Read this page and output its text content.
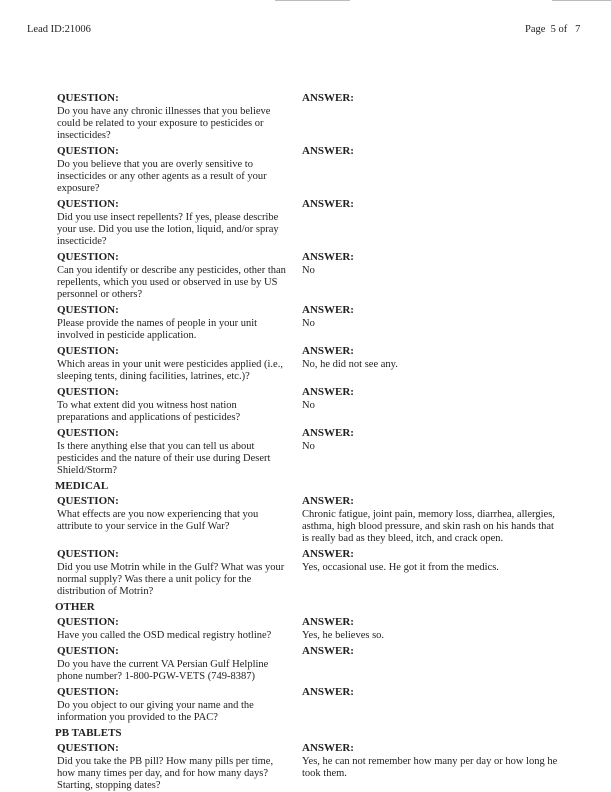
Lead ID:21006	Page  5 of   7
QUESTION:
Do you have any chronic illnesses that you believe could be related to your exposure to pesticides or insecticides?
ANSWER:
QUESTION:
Do you believe that you are overly sensitive to insecticides or any other agents as a result of your exposure?
ANSWER:
QUESTION:
Did you use insect repellents? If yes, please describe your use. Did you use the lotion, liquid, and/or spray insecticide?
ANSWER:
QUESTION:
Can you identify or describe any pesticides, other than repellents, which you used or observed in use by US personnel or others?
ANSWER:
No
QUESTION:
Please provide the names of people in your unit involved in pesticide application.
ANSWER:
No
QUESTION:
Which areas in your unit were pesticides applied (i.e., sleeping tents, dining facilities, latrines, etc.)?
ANSWER:
No, he did not see any.
QUESTION:
To what extent did you witness host nation preparations and applications of pesticides?
ANSWER:
No
QUESTION:
Is there anything else that you can tell us about pesticides and the nature of their use during Desert Shield/Storm?
ANSWER:
No
MEDICAL
QUESTION:
What effects are you now experiencing that you attribute to your service in the Gulf War?
ANSWER:
Chronic fatigue, joint pain, memory loss, diarrhea, allergies, asthma, high blood pressure, and skin rash on his hands that is really bad as they bleed, itch, and crack open.
QUESTION:
Did you use Motrin while in the Gulf? What was your normal supply? Was there a unit policy for the distribution of Motrin?
ANSWER:
Yes, occasional use. He got it from the medics.
OTHER
QUESTION:
Have you called the OSD medical registry hotline?
ANSWER:
Yes, he believes so.
QUESTION:
Do you have the current VA Persian Gulf Helpline phone number? 1-800-PGW-VETS (749-8387)
ANSWER:
QUESTION:
Do you object to our giving your name and the information you provided to the PAC?
ANSWER:
PB TABLETS
QUESTION:
Did you take the PB pill? How many pills per time, how many times per day, and for how many days? Starting, stopping dates?
ANSWER:
Yes, he can not remember how many per day or how long he took them.
